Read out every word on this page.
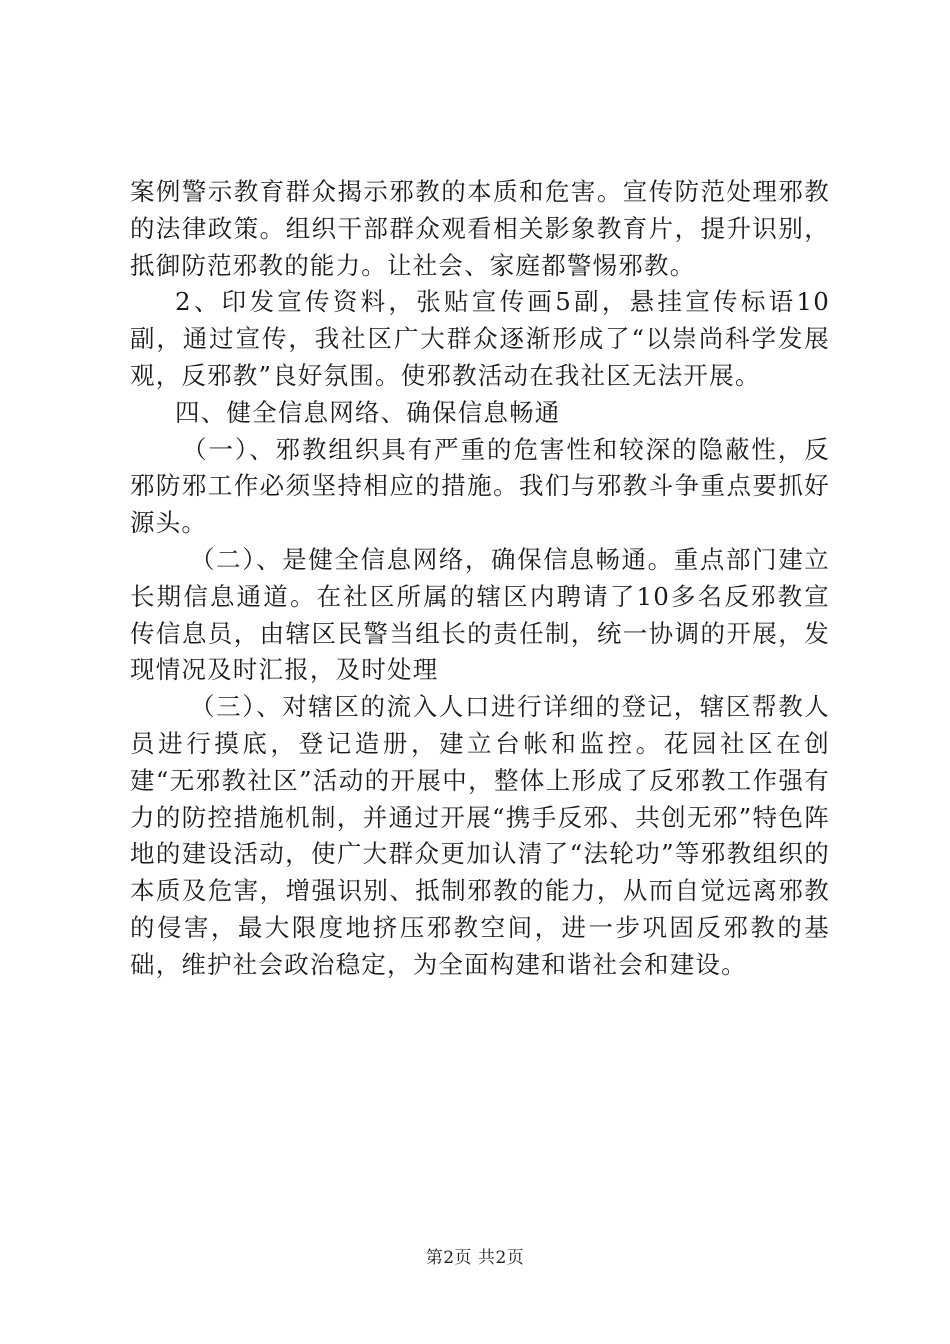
案例警示教育群众揭示邪教的本质和危害。宣传防范处理邪教的法律政策。组织干部群众观看相关影象教育片，提升识别，抵御防范邪教的能力。让社会、家庭都警惕邪教。

2、印发宣传资料，张贴宣传画5副，悬挂宣传标语10副，通过宣传，我社区广大群众逐渐形成了“以崇尚科学发展观，反邪教”良好氛围。使邪教活动在我社区无法开展。

四、健全信息网络、确保信息畅通

（一）、邪教组织具有严重的危害性和较深的隐蔽性，反邪防邪工作必须坚持相应的措施。我们与邪教斗争重点要抓好源头。

（二）、是健全信息网络，确保信息畅通。重点部门建立长期信息通道。在社区所属的辖区内聘请了10多名反邪教宣传信息员，由辖区民警当组长的责任制，统一协调的开展，发现情况及时汇报，及时处理

（三）、对辖区的流入人口进行详细的登记，辖区帮教人员进行摸底，登记造册，建立台帐和监控。花园社区在创建“无邪教社区”活动的开展中，整体上形成了反邪教工作强有力的防控措施机制，并通过开展“携手反邪、共创无邪”特色阵地的建设活动，使广大群众更加认清了“法轮功”等邪教组织的本质及危害，增强识别、抵制邪教的能力，从而自觉远离邪教的侵害，最大限度地挤压邪教空间，进一步巩固反邪教的基础，维护社会政治稳定，为全面构建和谐社会和建设。

第2页 共2页
